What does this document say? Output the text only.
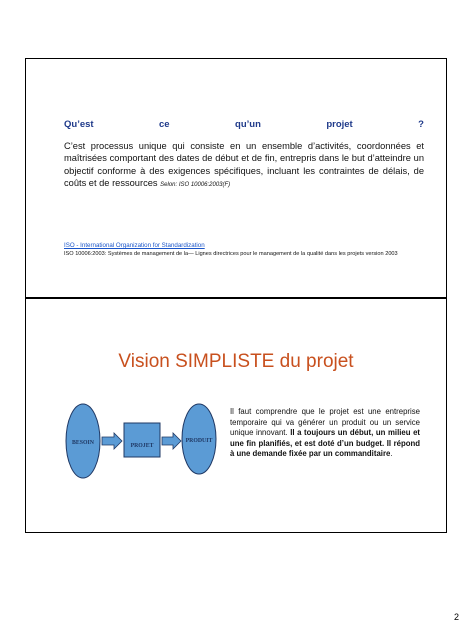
Qu’est	ce	qu’un	projet	?
C’est processus unique qui consiste en un ensemble d’activités, coordonnées et maîtrisées comportant des dates de début et de fin, entrepris dans le but d’atteindre un objectif conforme à des exigences spécifiques, incluant les contraintes de délais, de coûts et de ressources Selon: ISO 10006:2003(F)
ISO - International Organization for Standardization
ISO 10006:2003: Systèmes de management de la— Lignes directrices pour le management de la qualité dans les projets version 2003
Vision SIMPLISTE du projet
BESOIN	PROJET
PRODUIT
Il faut comprendre que le projet est une entreprise temporaire qui va générer un produit ou un service unique innovant. Il a toujours un début, un milieu et une fin planifiés, et est doté d’un budget. Il répond à une demande fixée par un commanditaire.
2
